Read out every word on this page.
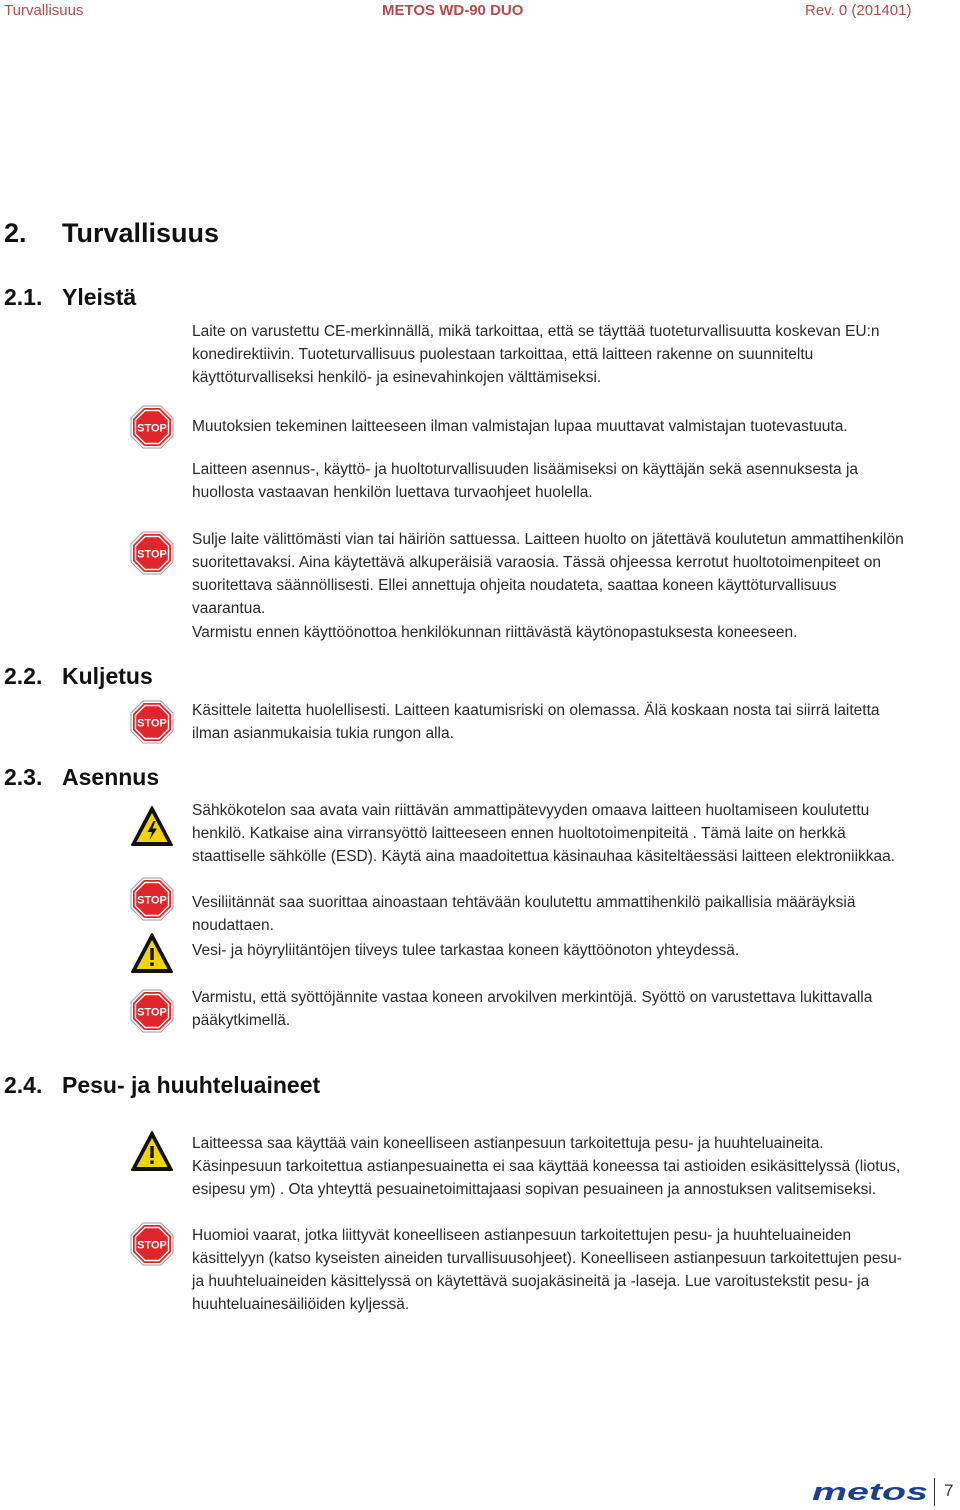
Turvallisuus	METOS WD-90 DUO	Rev. 0 (201401)
2. Turvallisuus
2.1. Yleistä
Laite on varustettu CE-merkinnällä, mikä tarkoittaa, että se täyttää tuoteturvallisuutta koskevan EU:n konedirektiivin. Tuoteturvallisuus puolestaan tarkoittaa, että laitteen rakenne on suunniteltu käyttöturvalliseksi henkilö- ja esinevahinkojen välttämiseksi.
STOP Muutoksien tekeminen laitteeseen ilman valmistajan lupaa muuttavat valmistajan tuotevastuuta.
Laitteen asennus-, käyttö- ja huoltoturvallisuuden lisäämiseksi on käyttäjän sekä asennuksesta ja huollosta vastaavan henkilön luettava turvaohjeet huolella.
STOP
Sulje laite välittömästi vian tai häiriön sattuessa. Laitteen huolto on jätettävä koulutetun ammattihenkilön suoritettavaksi. Aina käytettävä alkuperäisiä varaosia. Tässä ohjeessa kerrotut huoltotoimenpiteet on suoritettava säännöllisesti. Ellei annettuja ohjeita noudateta, saattaa koneen käyttöturvallisuus vaarantua.
Varmistu ennen käyttöönottoa henkilökunnan riittävästä käytönopastuksesta koneeseen.
2.2. Kuljetus
STOP
Käsittele laitetta huolellisesti. Laitteen kaatumisriski on olemassa. Älä koskaan nosta tai siirrä laitetta ilman asianmukaisia tukia rungon alla.
2.3. Asennus
Sähkökotelon saa avata vain riittävän ammattipätevyyden omaava laitteen huoltamiseen koulutettu henkilö. Katkaise aina virransyöttö laitteeseen ennen huoltotoimenpiteitä . Tämä laite on herkkä staattiselle sähkölle (ESD). Käytä aina maadoitettua käsinauhaa käsiteltäessäsi laitteen elektroniikkaa.
STOP Vesiliitännät saa suorittaa ainoastaan tehtävään koulutettu ammattihenkilö paikallisia määräyksiä noudattaen.
Vesi- ja höyryliitäntöjen tiiveys tulee tarkastaa koneen käyttöönoton yhteydessä.
STOP
Varmistu, että syöttöjännite vastaa koneen arvokilven merkintöjä. Syöttö on varustettava lukittavalla pääkytkimellä.
2.4. Pesu- ja huuhteluaineet
Laitteessa saa käyttää vain koneelliseen astianpesuun tarkoitettuja pesu- ja huuhteluaineita. Käsinpesuun tarkoitettua astianpesuainetta ei saa käyttää koneessa tai astioiden esikäsittelyssä (liotus, esipesu ym) . Ota yhteyttä pesuainetoimittajaasi sopivan pesuaineen ja annostuksen valitsemiseksi.
STOP
Huomioi vaarat, jotka liittyvät koneelliseen astianpesuun tarkoitettujen pesu- ja huuhteluaineiden käsittelyyn (katso kyseisten aineiden turvallisuusohjeet). Koneelliseen astianpesuun tarkoitettujen pesu- ja huuhteluaineiden käsittelyssä on käytettävä suojakäsineitä ja -laseja. Lue varoitustekstit pesu- ja huuhteluainesäiliöiden kyljessä.
metos 7
